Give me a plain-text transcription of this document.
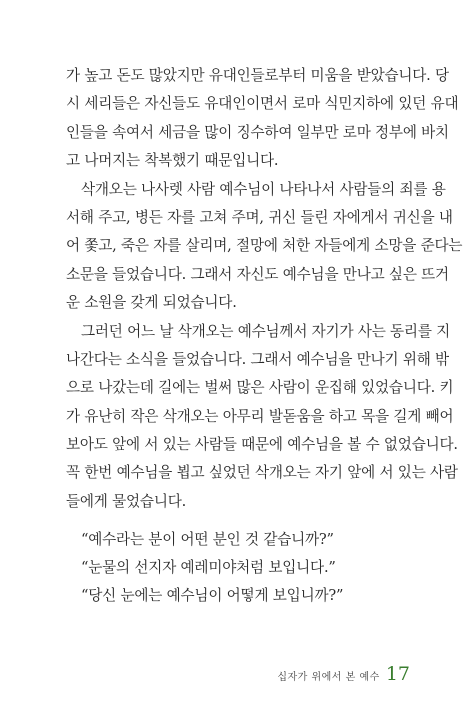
가 높고 돈도 많았지만 유대인들로부터 미움을 받았습니다. 당
시 세리들은 자신들도 유대인이면서 로마 식민지하에 있던 유대
인들을 속여서 세금을 많이 징수하여 일부만 로마 정부에 바치
고 나머지는 착복했기 때문입니다.
삭개오는 나사렛 사람 예수님이 나타나서 사람들의 죄를 용
서해 주고, 병든 자를 고쳐 주며, 귀신 들린 자에게서 귀신을 내
어 쫓고, 죽은 자를 살리며, 절망에 처한 자들에게 소망을 준다는
소문을 들었습니다. 그래서 자신도 예수님을 만나고 싶은 뜨거
운 소원을 갖게 되었습니다.
그러던 어느 날 삭개오는 예수님께서 자기가 사는 동리를 지
나간다는 소식을 들었습니다. 그래서 예수님을 만나기 위해 밖
으로 나갔는데 길에는 벌써 많은 사람이 운집해 있었습니다. 키
가 유난히 작은 삭개오는 아무리 발돋움을 하고 목을 길게 빼어
보아도 앞에 서 있는 사람들 때문에 예수님을 볼 수 없었습니다.
꼭 한번 예수님을 뵙고 싶었던 삭개오는 자기 앞에 서 있는 사람
들에게 물었습니다.
“예수라는 분이 어떤 분인 것 같습니까?”
“눈물의 선지자 예레미야처럼 보입니다.”
“당신 눈에는 예수님이 어떻게 보입니까?”
십자가 위에서 본 예수 17
